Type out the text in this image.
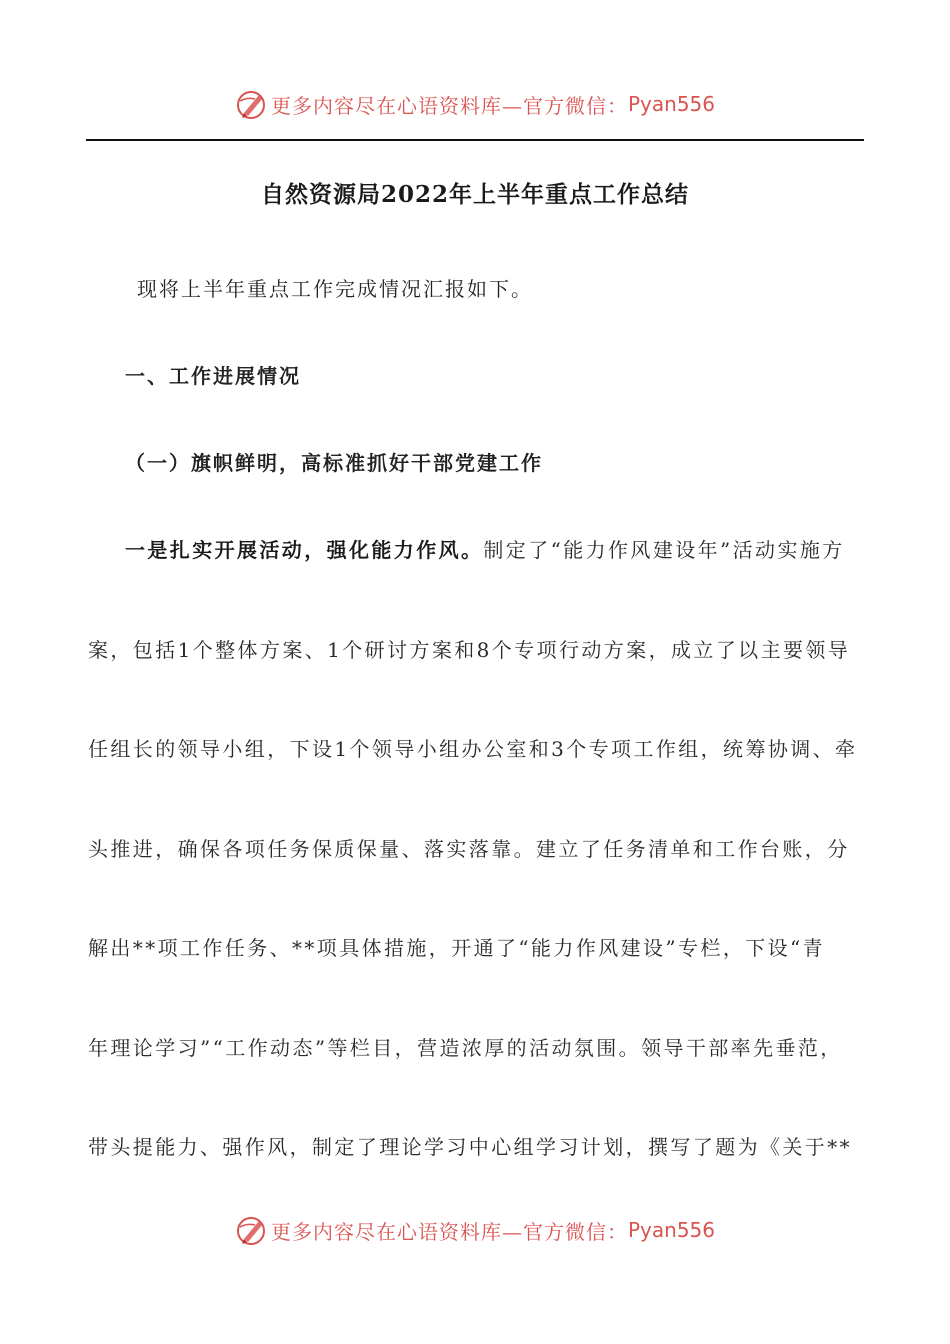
更多内容尽在心语资料库—官方微信： Pyan556
自然资源局2022年上半年重点工作总结
现将上半年重点工作完成情况汇报如下。
一、工作进展情况
（一）旗帜鲜明，高标准抓好干部党建工作
一是扎实开展活动，强化能力作风。制定了“能力作风建设年”活动实施方
案，包括1个整体方案、1个研讨方案和8个专项行动方案，成立了以主要领导
任组长的领导小组，下设1个领导小组办公室和3个专项工作组，统筹协调、牵
头推进，确保各项任务保质保量、落实落靠。建立了任务清单和工作台账，分
解出**项工作任务、**项具体措施，开通了“能力作风建设”专栏，下设“青
年理论学习”“工作动态”等栏目，营造浓厚的活动氛围。领导干部率先垂范，
带头提能力、强作风，制定了理论学习中心组学习计划，撰写了题为《关于**
更多内容尽在心语资料库—官方微信： Pyan556
